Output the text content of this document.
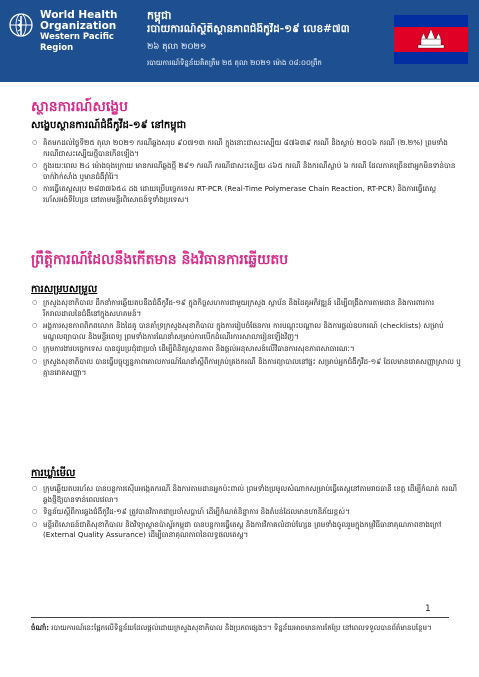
World Health
Organization
Western Pacific Region
កម្ពុជា
របាយការណ៍ស្ថិតិស្ថានភាពជំងឺកូវីដ-១៩ លេខ#៧៣
២៦ តុលា ២០២១
របាយការណ៍ទិន្នន័យគិតត្រឹម ២៥ តុលា ២០២១ ម៉ោង ០៨:០០ព្រឹក
ស្ថានការណ៍សង្ខេប
សង្ខេបស្ថានការណ៍ជំងឺកូវីដ-១៩ នៅកម្ពុជា
○ គិតមកដល់ថ្ងៃទី២៥ តុលា ២០២១ ករណីឆ្លងសរុប ៩០៧១៣ ករណី ក្នុងនោះជាសះស្បើយ ៨៧៦៣៩ ករណី និងស្លាប់ ២០០៦ ករណី (២.២%) ព្រមទាំងករណីជាសះស្បើយថ្មីបានកើនឡើង។
○ ក្នុងរយៈពេល ២៤ ម៉ោងចុងក្រោយ មានករណីឆ្លងថ្មី ២៩១ ករណី ករណីជាសះស្បើយ ៤៦៥ ករណី និងករណីស្លាប់ ៦ ករណី ដែលភាគច្រើនជាអ្នកមិនទាន់បានចាក់វ៉ាក់សាំង ឬមានជំងឺរ៉ាំរ៉ៃ។
○ ការធ្វើតេស្តសរុប ២៨៣៧៦៥៤ ដង ដោយប្រើបច្ចេកទេស RT-PCR (Real-Time Polymerase Chain Reaction, RT-PCR) និងការធ្វើតេស្តរហ័សអង់ទីហ្សែន នៅតាមមន្ទីរពិសោធន៍ទូទាំងប្រទេស។
ព្រឹត្តិការណ៍ដែលនឹងកើតមាន និងវិធានការឆ្លើយតប
ការសម្របសម្រួល
○ ក្រសួងសុខាភិបាល ដឹកនាំការឆ្លើយតបនឹងជំងឺកូវីដ-១៩ ក្នុងកិច្ចសហការជាមួយក្រសួង ស្ថាប័ន និងដៃគូអភិវឌ្ឍន៍ ដើម្បីពង្រឹងការតាមដាន និងការពារការរីករាលដាលនៃជំងឺនៅក្នុងសហគមន៍។
○ អង្គការសុខភាពពិភពលោក និងដៃគូ បានគាំទ្រក្រសួងសុខាភិបាល ក្នុងការរៀបចំផែនការ ការបណ្តុះបណ្តាល និងការផ្តល់ឧបករណ៍ (checklists) សម្រាប់មណ្ឌលព្យាបាល និងមន្ទីរពេទ្យ ព្រមទាំងការណែនាំសម្រាប់ការបើកដំណើរការសាលារៀនឡើងវិញ។
○ ក្រុមការងារបច្ចេកទេស បានជួបប្រជុំជាប្រចាំ ដើម្បីពិនិត្យស្ថានភាព និងផ្តល់អនុសាសន៍លើវិធានការសុខភាពសាធារណៈ។
○ ក្រសួងសុខាភិបាល បានធ្វើបច្ចុប្បន្នភាពគោលការណ៍ណែនាំស្តីពីការគ្រប់គ្រងករណី និងការព្យាបាលនៅផ្ទះ សម្រាប់អ្នកជំងឺកូវីដ-១៩ ដែលមានរោគសញ្ញាស្រាល ឬគ្មានរោគសញ្ញា។
ការឃ្លាំមើល
○ ក្រុមឆ្លើយតបរហ័ស បានបន្តការស៊ើបអង្កេតករណី និងការតាមដានអ្នកប៉ះពាល់ ព្រមទាំងប្រមូលសំណាកសម្រាប់ធ្វើតេស្តនៅតាមរាជធានី ខេត្ត ដើម្បីកំណត់ ករណីឆ្លងថ្មីឱ្យបានទាន់ពេលវេលា។
○ ទិន្នន័យស្តីពីការឆ្លងជំងឺកូវីដ-១៩ ត្រូវបានវិភាគជាប្រចាំសប្តាហ៍ ដើម្បីកំណត់និន្នាការ និងតំបន់ដែលមានហានិភ័យខ្ពស់។
○ មន្ទីរពិសោធន៍ជាតិសុខាភិបាល និងវិទ្យាស្ថានប៉ាស្ទ័រកម្ពុជា បានបន្តការធ្វើតេស្ត និងការវិភាគលំដាប់ហ្សែន ព្រមទាំងចូលរួមក្នុងកម្មវិធីធានាគុណភាពខាងក្រៅ (External Quality Assurance) ដើម្បីធានាគុណភាពនៃលទ្ធផលតេស្ត។
1
ចំណាំ: របាយការណ៍នេះផ្អែកលើទិន្នន័យដែលផ្តល់ដោយក្រសួងសុខាភិបាល និងប្រភពផ្សេងៗ។ ទិន្នន័យអាចមានការកែប្រែ នៅពេលទទួលបានព័ត៌មានបន្ថែម។
